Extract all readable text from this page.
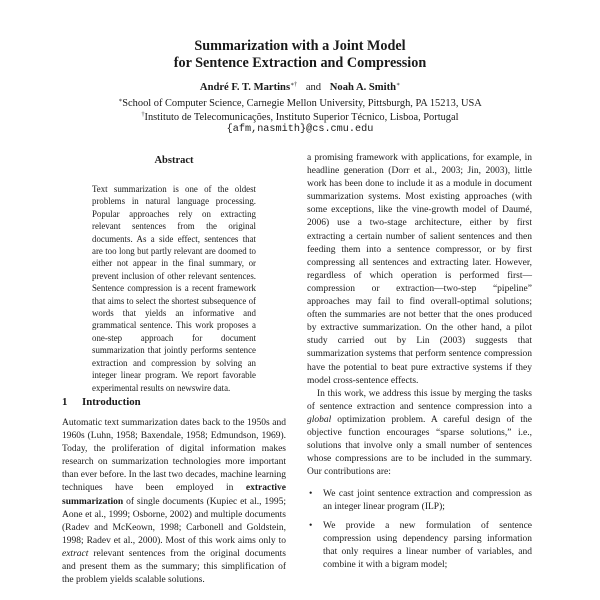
Summarization with a Joint Model
for Sentence Extraction and Compression
André F. T. Martins∗† and Noah A. Smith∗
∗School of Computer Science, Carnegie Mellon University, Pittsburgh, PA 15213, USA
†Instituto de Telecomunicações, Instituto Superior Técnico, Lisboa, Portugal
{afm,nasmith}@cs.cmu.edu
Abstract

Text summarization is one of the oldest problems in natural language processing. Popular approaches rely on extracting relevant sentences from the original documents. As a side effect, sentences that are too long but partly relevant are doomed to either not appear in the final summary, or prevent inclusion of other relevant sentences. Sentence compression is a recent framework that aims to select the shortest subsequence of words that yields an informative and grammatical sentence. This work proposes a one-step approach for document summarization that jointly performs sentence extraction and compression by solving an integer linear program. We report favorable experimental results on newswire data.

1 Introduction

Automatic text summarization dates back to the 1950s and 1960s (Luhn, 1958; Baxendale, 1958; Edmundson, 1969). Today, the proliferation of digital information makes research on summarization technologies more important than ever before. In the last two decades, machine learning techniques have been employed in extractive summarization of single documents (Kupiec et al., 1995; Aone et al., 1999; Osborne, 2002) and multiple documents (Radev and McKeown, 1998; Carbonell and Goldstein, 1998; Radev et al., 2000). Most of this work aims only to extract relevant sentences from the original documents and present them as the summary; this simplification of the problem yields scalable solutions.

a promising framework with applications, for example, in headline generation (Dorr et al., 2003; Jin, 2003), little work has been done to include it as a module in document summarization systems. Most existing approaches (with some exceptions, like the vine-growth model of Daumé, 2006) use a two-stage architecture, either by first extracting a certain number of salient sentences and then feeding them into a sentence compressor, or by first compressing all sentences and extracting later. However, regardless of which operation is performed first—compression or extraction—two-step “pipeline” approaches may fail to find overall-optimal solutions; often the summaries are not better that the ones produced by extractive summarization. On the other hand, a pilot study carried out by Lin (2003) suggests that summarization systems that perform sentence compression have the potential to beat pure extractive systems if they model cross-sentence effects.

In this work, we address this issue by merging the tasks of sentence extraction and sentence compression into a global optimization problem. A careful design of the objective function encourages “sparse solutions,” i.e., solutions that involve only a small number of sentences whose compressions are to be included in the summary. Our contributions are:

• We cast joint sentence extraction and compression as an integer linear program (ILP);
• We provide a new formulation of sentence compression using dependency parsing information that only requires a linear number of variables, and combine it with a bigram model;
